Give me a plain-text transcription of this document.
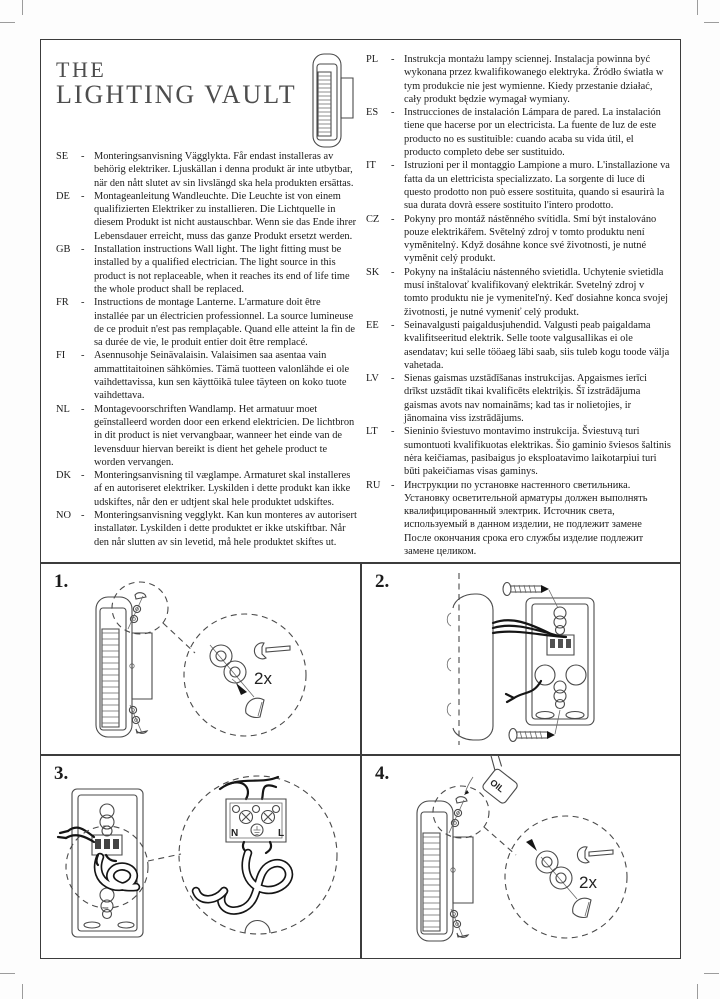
THE
LIGHTING VAULT
SE	- Monteringsanvisning Vägglykta. Får endast installeras av behörig elektriker. Ljuskällan i denna produkt är inte utbytbar, när den nått slutet av sin livslängd ska hela produkten ersättas.
DE	- Montageanleitung Wandleuchte. Die Leuchte ist von einem qualifizierten Elektriker zu installieren. Die Lichtquelle in diesem Produkt ist nicht austauschbar. Wenn sie das Ende ihrer Lebensdauer erreicht, muss das ganze Produkt ersetzt werden.
GB	- Installation instructions Wall light. The light fitting must be installed by a qualified electrician. The light source in this product is not replaceable, when it reaches its end of life time the whole product shall be replaced.
FR	- Instructions de montage Lanterne. L'armature doit être installée par un électricien professionnel. La source lumineuse de ce produit n'est pas remplaçable. Quand elle atteint la fin de sa durée de vie, le produit entier doit être remplacé.
FI	- Asennusohje Seinävalaisin. Valaisimen saa asentaa vain ammattitaitoinen sähkömies. Tämä tuotteen valonlähde ei ole vaihdettavissa, kun sen käyttöikä tulee täyteen on koko tuote vaihdettava.
NL	- Montagevoorschriften Wandlamp. Het armatuur moet geïnstalleerd worden door een erkend elektricien. De lichtbron in dit product is niet vervangbaar, wanneer het einde van de levensduur hiervan bereikt is dient het gehele product te worden vervangen.
DK - Monteringsanvisning til væglampe. Armaturet skal installeres af en autoriseret elektriker. Lyskilden i dette produkt kan ikke udskiftes, når den er udtjent skal hele produktet udskiftes.
NO - Monteringsanvisning vegglykt. Kan kun monteres av autorisert installatør. Lyskilden i dette produktet er ikke utskiftbar. Når den når slutten av sin levetid, må hele produktet skiftes ut.
PL	- Instrukcja montażu lampy sciennej. Instalacja powinna być wykonana przez kwalifikowanego elektryka. Źródło światła w tym produkcie nie jest wymienne. Kiedy przestanie działać, cały produkt będzie wymagał wymiany.
ES	- Instrucciones de instalación Lámpara de pared. La instalación tiene que hacerse por un electricista. La fuente de luz de este producto no es sustituible: cuando acaba su vida útil, el producto completo debe ser sustituido.
IT	- Istruzioni per il montaggio Lampione a muro. L'installazione va fatta da un elettricista specializzato. La sorgente di luce di questo prodotto non può essere sostituita, quando si esaurirà la sua durata dovrà essere sostituito l'intero prodotto.
CZ	- Pokyny pro montáž nástěnného svítidla. Smí být instalováno pouze elektrikářem. Světelný zdroj v tomto produktu není vyměnitelný. Když dosáhne konce své životnosti, je nutné vyměnit celý produkt.
SK	- Pokyny na inštaláciu nástenného svietidla. Uchytenie svietidla musí inštalovať kvalifikovaný elektrikár. Svetelný zdroj v tomto produktu nie je vymeniteľný. Keď dosiahne konca svojej životnosti, je nutné vymeniť celý produkt.
EE	- Seinavalgusti paigaldusjuhendid. Valgusti peab paigaldama kvalifitseeritud elektrik. Selle toote valgusallikas ei ole asendatav; kui selle tööaeg läbi saab, siis tuleb kogu toode välja vahetada.
LV	- Sienas gaismas uzstādīšanas instrukcijas. Apgaismes ierīci drīkst uzstādīt tikai kvalificēts elektriķis. Šī izstrādājuma gaismas avots nav nomaināms; kad tas ir nolietojies, ir jānomaina viss izstrādājums.
LT	- Sieninio šviestuvo montavimo instrukcija. Šviestuvą turi sumontuoti kvalifikuotas elektrikas. Šio gaminio šviesos šaltinis nėra keičiamas, pasibaigus jo eksploatavimo laikotarpiui turi būti pakeičiamas visas gaminys.
RU	- Инструкции по установке настенного светильника. Установку осветительной арматуры должен выполнять квалифицированный электрик. Источник света, используемый в данном изделии, не подлежит замене После окончания срока его службы изделие подлежит замене целиком.
1.
2x
2.
3.
N	L
4.
OIL
2x
